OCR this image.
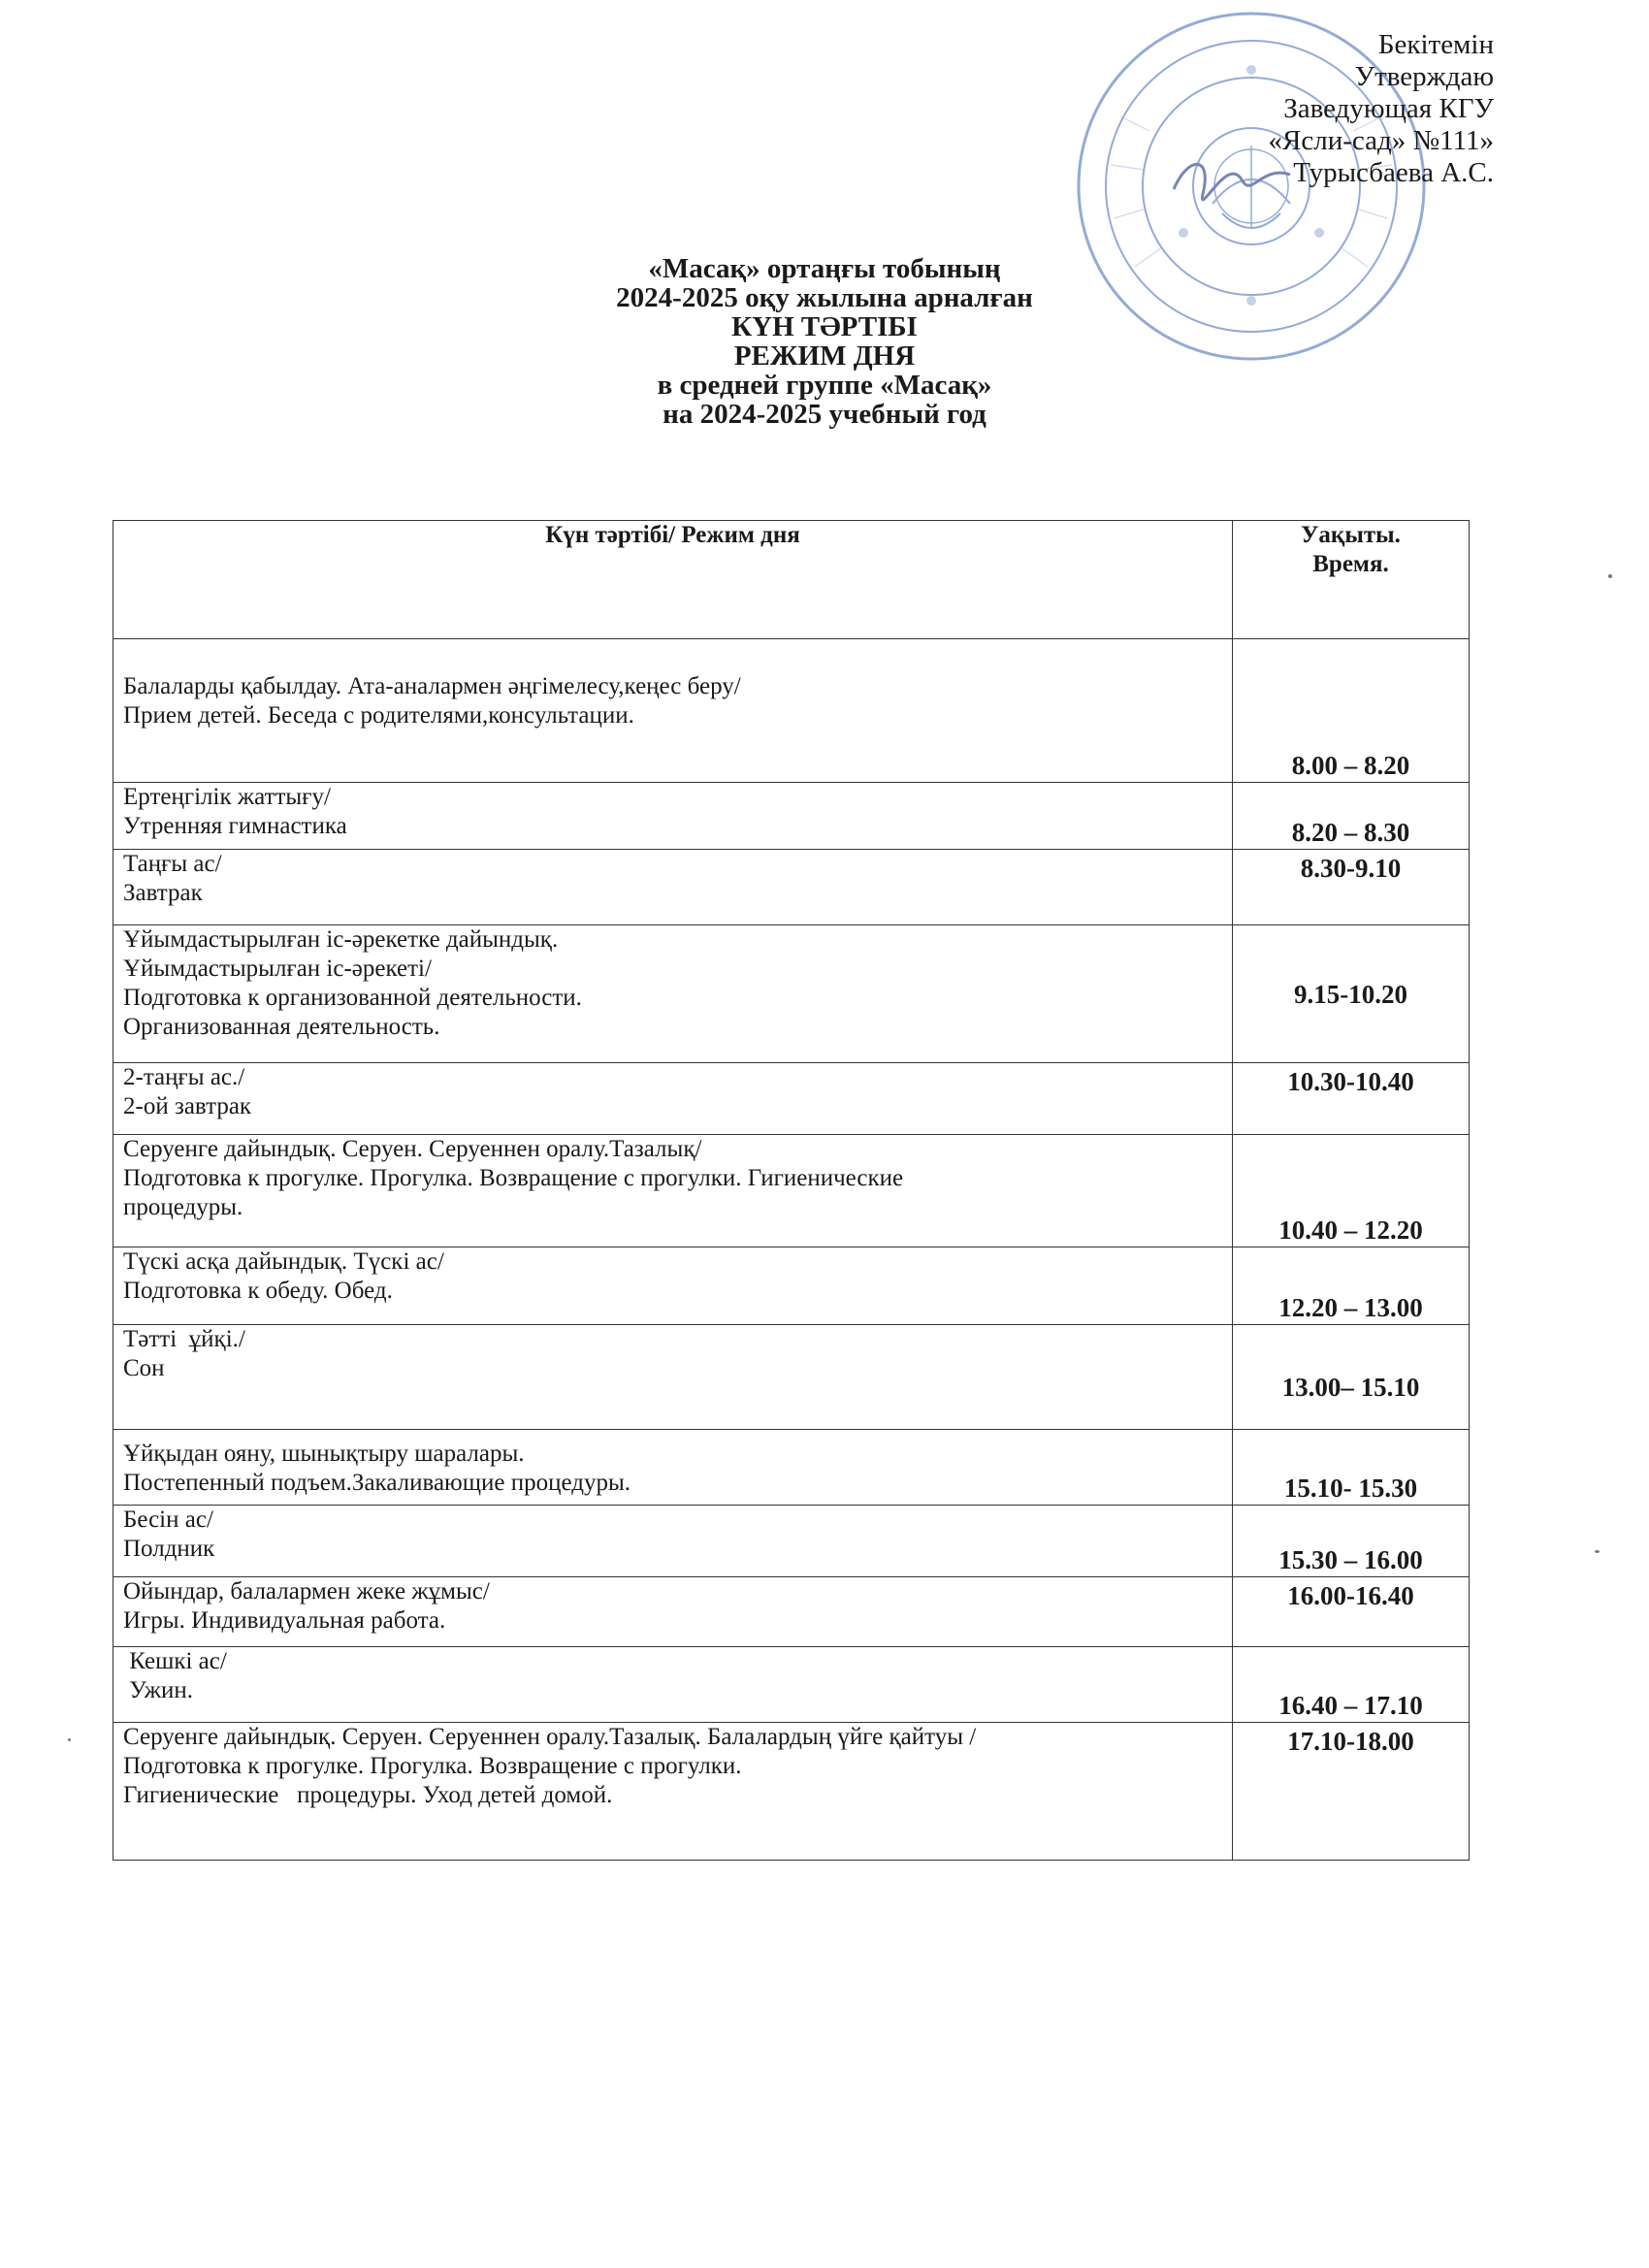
Бекітемін
Утверждаю
Заведующая КГУ
«Ясли-сад» №111»
Турысбаева А.С.
«Масақ» ортаңғы тобының
2024-2025 оқу жылына арналған
КҮН ТӘРТІБІ
РЕЖИМ ДНЯ
в средней группе «Масақ»
на 2024-2025 учебный год
Күн тәртібі/ Режим дня	Уақыты.
Время.

Балаларды қабылдау. Ата-аналармен әңгімелесу,кеңес беру/
Прием детей. Беседа с родителями,консультации.	8.00 – 8.20

Ертеңгілік жаттығу/
Утренняя гимнастика	8.20 – 8.30

Таңғы ас/
Завтрак	8.30-9.10

Ұйымдастырылған іс-әрекетке дайындық.
Ұйымдастырылған іс-әрекеті/
Подготовка к организованной деятельности.
Организованная деятельность.	9.15-10.20

2-таңғы ас./
2-ой завтрак	10.30-10.40

Серуенге дайындық. Серуен. Серуеннен оралу.Тазалық/
Подготовка к прогулке. Прогулка. Возвращение с прогулки. Гигиенические
процедуры.	10.40 – 12.20

Түскі асқа дайындық. Түскі ас/
Подготовка к обеду. Обед.	12.20 – 13.00

Тәтті  ұйқі./
Сон	13.00– 15.10

Ұйқыдан ояну, шынықтыру шаралары.
Постепенный подъем.Закаливающие процедуры.	15.10- 15.30

Бесін ас/
Полдник	15.30 – 16.00

Ойындар, балалармен жеке жұмыс/
Игры. Индивидуальная работа.	16.00-16.40

Кешкі ас/
Ужин.	16.40 – 17.10

Серуенге дайындық. Серуен. Серуеннен оралу.Тазалық. Балалардың үйге қайтуы /
Подготовка к прогулке. Прогулка. Возвращение с прогулки.
Гигиенические   процедуры. Уход детей домой.	17.10-18.00
